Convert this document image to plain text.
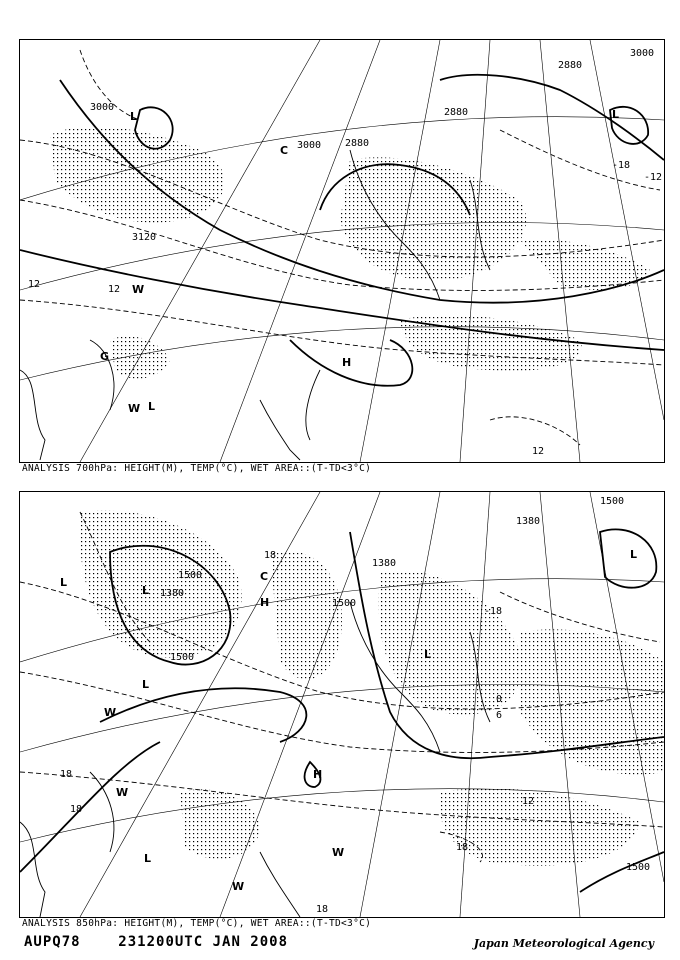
3000
3000
3000
2880
2880
2880
3120
12	12
12
-12
-18
L	L
C
H
W
W L
G
ANALYSIS 700hPa: HEIGHT(M), TEMP(°C), WET AREA::(T-TD<3°C)
1500
1500
1500
1500
1500
1380
1380
1380
18
18
18
18
18
12
-18
0
6
L
L
C
H
H
L
W
W
W
W
L
L
L
ANALYSIS 850hPa: HEIGHT(M), TEMP(°C), WET AREA::(T-TD<3°C)
AUPQ78	231200UTC JAN 2008	Japan Meteorological Agency
